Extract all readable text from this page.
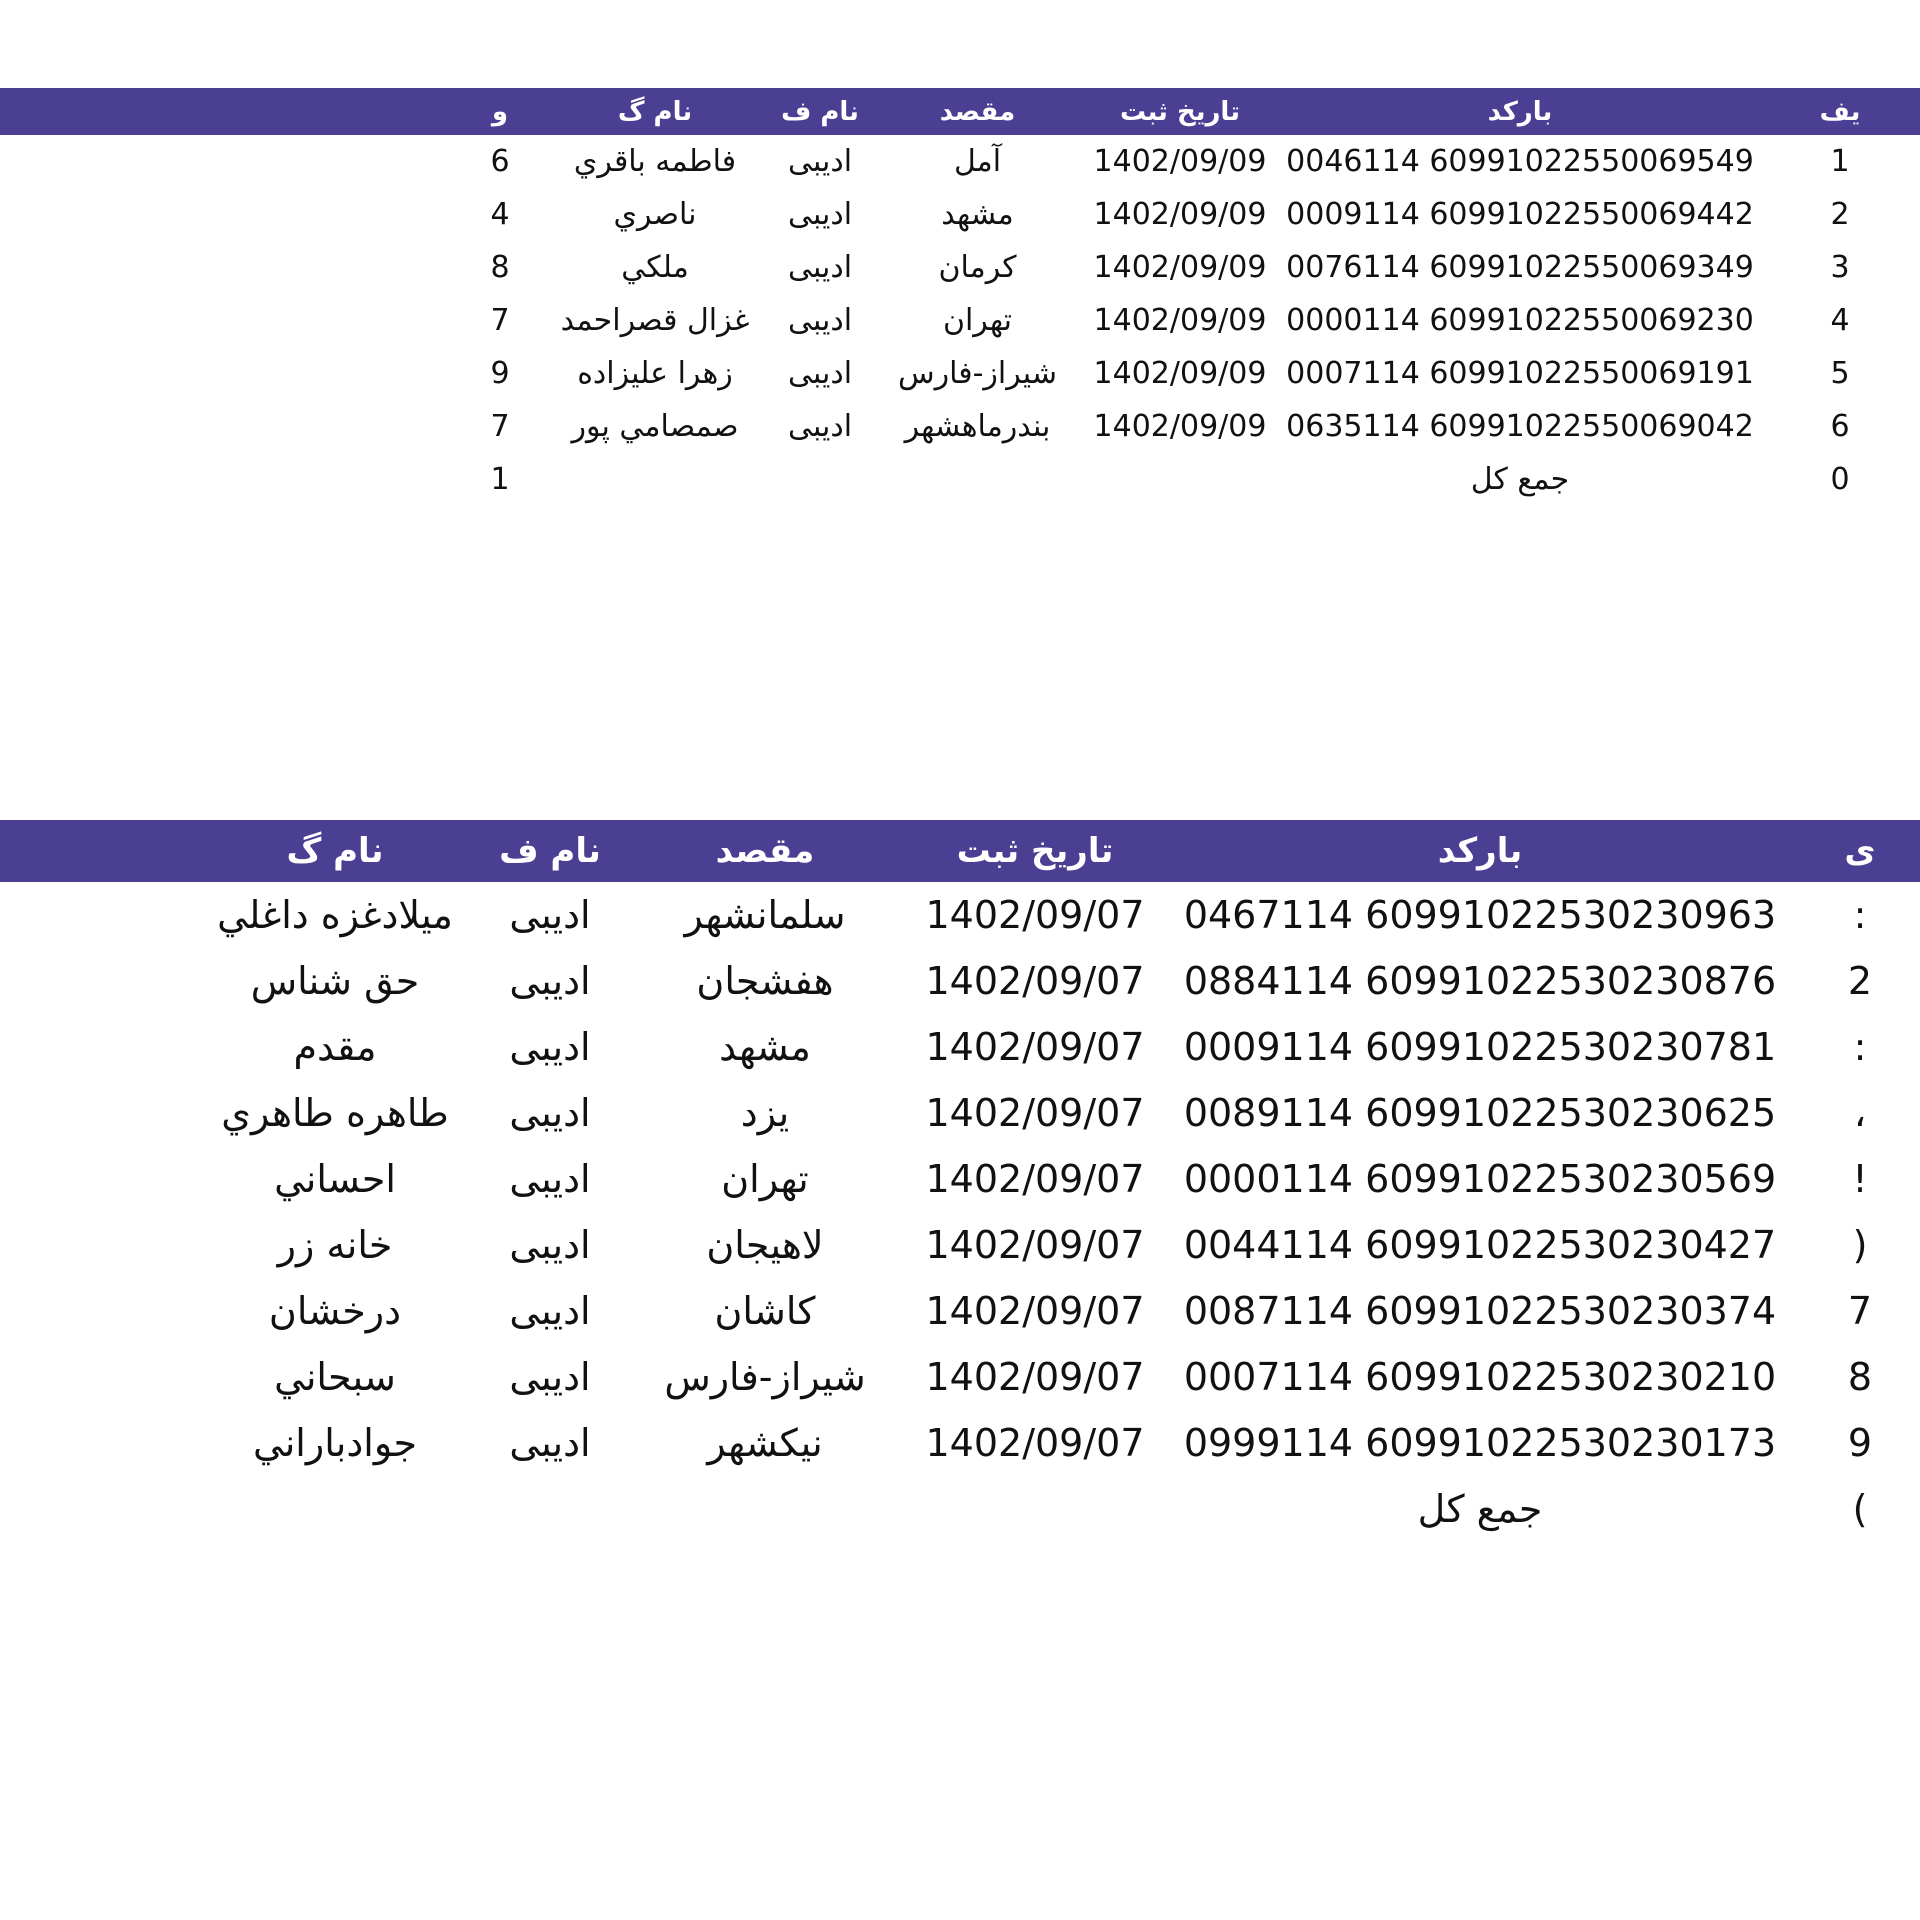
یف	بارکد	تاریخ ثبت	مقصد	نام ف	نام گ	و	
1	60991022550069549 0046114	1402/09/09	آمل	ادیبی	فاطمه باقري	6	
2	60991022550069442 0009114	1402/09/09	مشهد	ادیبی	ناصري	4	
3	60991022550069349 0076114	1402/09/09	کرمان	ادیبی	ملکي	8	
4	60991022550069230 0000114	1402/09/09	تهران	ادیبی	غزال قصراحمد	7	
5	60991022550069191 0007114	1402/09/09	شیراز-فارس	ادیبی	زهرا علیزاده	9	
6	60991022550069042 0635114	1402/09/09	بندرماهشهر	ادیبی	صمصامي پور	7	
0	جمع کل					1	
ی	باركد	تاریخ ثبت	مقصد	نام ف	نام گ	
:	60991022530230963 0467114	1402/09/07	سلمانشهر	ادیبی	میلادغزه داغلي	
2	60991022530230876 0884114	1402/09/07	هفشجان	ادیبی	حق شناس	
:	60991022530230781 0009114	1402/09/07	مشهد	ادیبی	مقدم	
،	60991022530230625 0089114	1402/09/07	یزد	ادیبی	طاهره طاهري	
!	60991022530230569 0000114	1402/09/07	تهران	ادیبی	احساني	
(	60991022530230427 0044114	1402/09/07	لاهیجان	ادیبی	خانه زر	
7	60991022530230374 0087114	1402/09/07	کاشان	ادیبی	درخشان	
8	60991022530230210 0007114	1402/09/07	شیراز-فارس	ادیبی	سبحاني	
9	60991022530230173 0999114	1402/09/07	نیکشهر	ادیبی	جوادباراني	
)	جمع کل					
